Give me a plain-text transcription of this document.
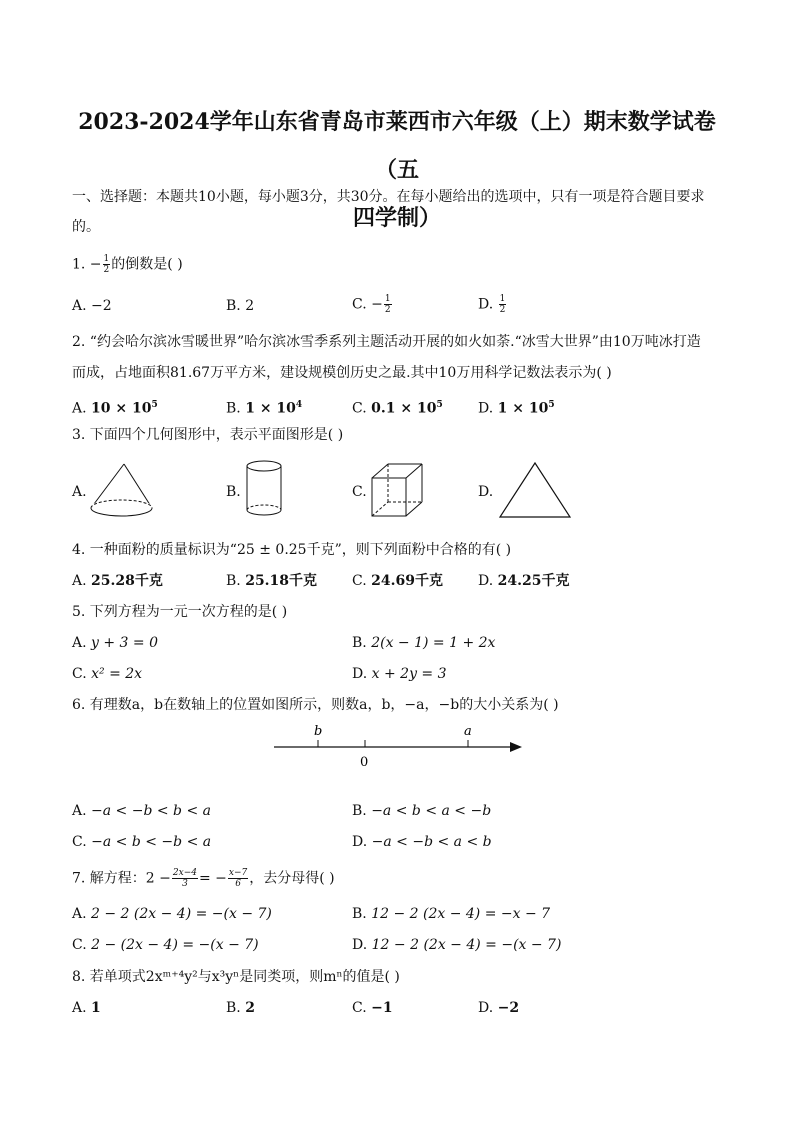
2023-2024学年山东省青岛市莱西市六年级（上）期末数学试卷（五
四学制）
一、选择题：本题共10小题，每小题3分，共30分。在每小题给出的选项中，只有一项是符合题目要求的。
1. − $\frac{1}{2}$ 的倒数是( )
A. −2	B. 2	C. − $\frac{1}{2}$	D. $\frac{1}{2}$
2. “约会哈尔滨冰雪暖世界”哈尔滨冰雪季系列主题活动开展的如火如荼.“冰雪大世界”由10万吨冰打造
而成，占地面积81.67万平方米，建设规模创历史之最.其中10万用科学记数法表示为( )
A. $10 \times 10^5$	B. $1 \times 10^4$	C. $0.1 \times 10^5$	D. $1 \times 10^5$
3. 下面四个几何图形中，表示平面图形是( )
A.	B.	C.	D.
4. 一种面粉的质量标识为“25 ± 0.25千克”，则下列面粉中合格的有( )
A. 25.28千克	B. 25.18千克 C. 24.69千克	D. 24.25千克
5. 下列方程为一元一次方程的是( )
A. y + 3 = 0	B. 2(x − 1) = 1 + 2x
C. x² = 2x	D. x + 2y = 3
6. 有理数a，b在数轴上的位置如图所示，则数a，b，−a，−b的大小关系为( )
b
0
a
A. −a < −b < b < a	B. −a < b < a < −b
C. −a < b < −b < a	D. −a < −b < a < b
7. 解方程：$2 - \frac{2x-4}{3}$ = − $\frac{x-7}{6}$ ，去分母得( )
A. 2 − 2 (2x − 4) = −(x − 7)	B. 12 − 2 (2x − 4) = −x − 7
C. 2 − (2x − 4) = −(x − 7)	D. 12 − 2 (2x − 4) = −(x − 7)
8. 若单项式2xᵐ⁺⁴y²与x³yⁿ是同类项，则mⁿ的值是( )
A. 1	B. 2	C. −1	D. −2
